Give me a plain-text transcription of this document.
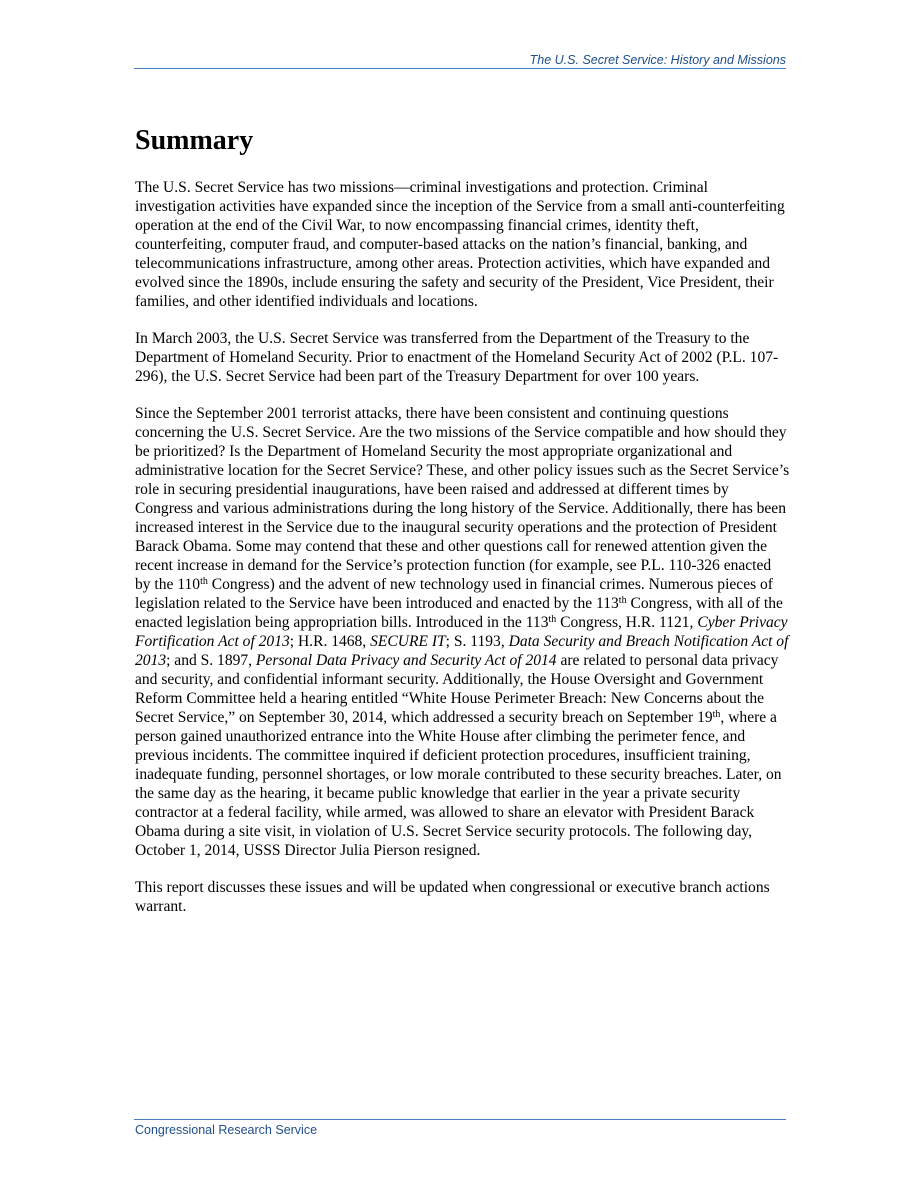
The U.S. Secret Service: History and Missions
Summary

The U.S. Secret Service has two missions—criminal investigations and protection. Criminal investigation activities have expanded since the inception of the Service from a small anti-counterfeiting operation at the end of the Civil War, to now encompassing financial crimes, identity theft, counterfeiting, computer fraud, and computer-based attacks on the nation’s financial, banking, and telecommunications infrastructure, among other areas. Protection activities, which have expanded and evolved since the 1890s, include ensuring the safety and security of the President, Vice President, their families, and other identified individuals and locations.

In March 2003, the U.S. Secret Service was transferred from the Department of the Treasury to the Department of Homeland Security. Prior to enactment of the Homeland Security Act of 2002 (P.L. 107-296), the U.S. Secret Service had been part of the Treasury Department for over 100 years.

Since the September 2001 terrorist attacks, there have been consistent and continuing questions concerning the U.S. Secret Service. Are the two missions of the Service compatible and how should they be prioritized? Is the Department of Homeland Security the most appropriate organizational and administrative location for the Secret Service? These, and other policy issues such as the Secret Service’s role in securing presidential inaugurations, have been raised and addressed at different times by Congress and various administrations during the long history of the Service. Additionally, there has been increased interest in the Service due to the inaugural security operations and the protection of President Barack Obama. Some may contend that these and other questions call for renewed attention given the recent increase in demand for the Service’s protection function (for example, see P.L. 110-326 enacted by the 110th Congress) and the advent of new technology used in financial crimes. Numerous pieces of legislation related to the Service have been introduced and enacted by the 113th Congress, with all of the enacted legislation being appropriation bills. Introduced in the 113th Congress, H.R. 1121, Cyber Privacy Fortification Act of 2013; H.R. 1468, SECURE IT; S. 1193, Data Security and Breach Notification Act of 2013; and S. 1897, Personal Data Privacy and Security Act of 2014 are related to personal data privacy and security, and confidential informant security. Additionally, the House Oversight and Government Reform Committee held a hearing entitled “White House Perimeter Breach: New Concerns about the Secret Service,” on September 30, 2014, which addressed a security breach on September 19th, where a person gained unauthorized entrance into the White House after climbing the perimeter fence, and previous incidents. The committee inquired if deficient protection procedures, insufficient training, inadequate funding, personnel shortages, or low morale contributed to these security breaches. Later, on the same day as the hearing, it became public knowledge that earlier in the year a private security contractor at a federal facility, while armed, was allowed to share an elevator with President Barack Obama during a site visit, in violation of U.S. Secret Service security protocols. The following day, October 1, 2014, USSS Director Julia Pierson resigned.

This report discusses these issues and will be updated when congressional or executive branch actions warrant.

Congressional Research Service
